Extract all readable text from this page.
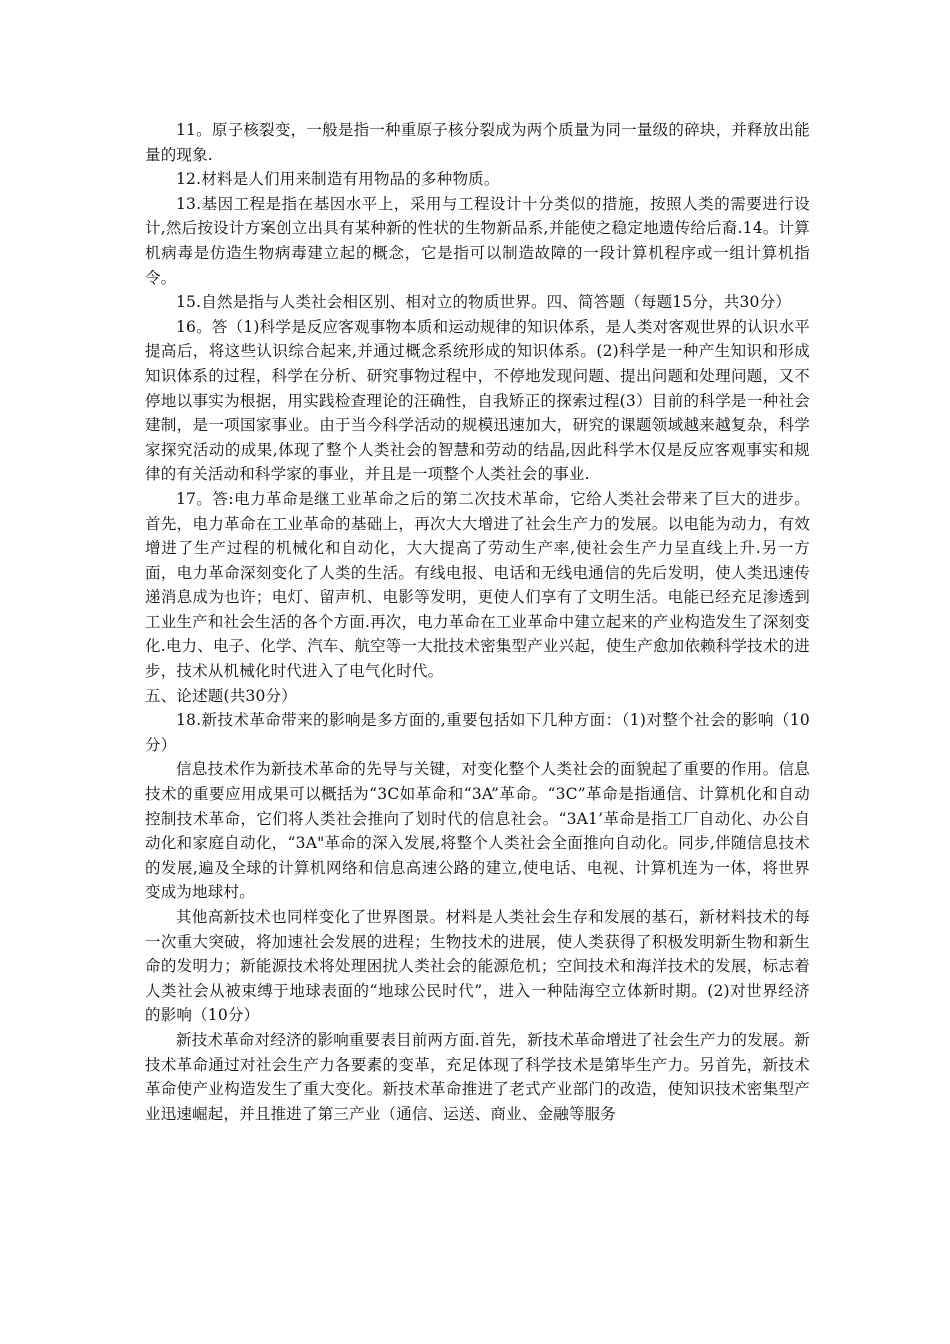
11。原子核裂变，一般是指一种重原子核分裂成为两个质量为同一量级的碎块，并释放出能量的现象.

12.材料是人们用来制造有用物品的多种物质。

13.基因工程是指在基因水平上，采用与工程设计十分类似的措施，按照人类的需要进行设计,然后按设计方案创立出具有某种新的性状的生物新品系,并能使之稳定地遗传给后裔.14。计算机病毒是仿造生物病毒建立起的概念，它是指可以制造故障的一段计算机程序或一组计算机指令。

15.自然是指与人类社会相区别、相对立的物质世界。四、简答题（每题15分，共30分）

16。答（1)科学是反应客观事物本质和运动规律的知识体系，是人类对客观世界的认识水平提高后，将这些认识综合起来,并通过概念系统形成的知识体系。(2)科学是一种产生知识和形成知识体系的过程，科学在分析、研究事物过程中，不停地发现问题、提出问题和处理问题，又不停地以事实为根据，用实践检查理论的汪确性，自我矫正的探索过程(3）目前的科学是一种社会建制，是一项国家事业。由于当今科学活动的规模迅速加大，研究的课题领域越来越复杂，科学家探究活动的成果,体现了整个人类社会的智慧和劳动的结晶,因此科学木仅是反应客观事实和规律的有关活动和科学家的事业，并且是一项整个人类社会的事业.

17。答:电力革命是继工业革命之后的第二次技术革命，它给人类社会带来了巨大的进步。首先，电力革命在工业革命的基础上，再次大大增进了社会生产力的发展。以电能为动力，有效增进了生产过程的机械化和自动化，大大提高了劳动生产率,使社会生产力呈直线上升.另一方面，电力革命深刻变化了人类的生活。有线电报、电话和无线电通信的先后发明，使人类迅速传递消息成为也许；电灯、留声机、电影等发明，更使人们享有了文明生活。电能已经充足渗透到工业生产和社会生活的各个方面.再次，电力革命在工业革命中建立起来的产业构造发生了深刻变化.电力、电子、化学、汽车、航空等一大批技术密集型产业兴起，使生产愈加依赖科学技术的进步，技术从机械化时代进入了电气化时代。

五、论述题(共30分）

18.新技术革命带来的影响是多方面的,重要包括如下几种方面：（1)对整个社会的影响（10分）

信息技术作为新技术革命的先导与关键，对变化整个人类社会的面貌起了重要的作用。信息技术的重要应用成果可以概括为“3C如革命和“3A”革命。“3C”革命是指通信、计算机化和自动控制技术革命，它们将人类社会推向了划时代的信息社会。“3A1’革命是指工厂自动化、办公自动化和家庭自动化，“3A"革命的深入发展,将整个人类社会全面推向自动化。同步,伴随信息技术的发展,遍及全球的计算机网络和信息高速公路的建立,使电话、电视、计算机连为一体，将世界变成为地球村。

其他高新技术也同样变化了世界图景。材料是人类社会生存和发展的基石，新材料技术的每一次重大突破，将加速社会发展的进程；生物技术的进展，使人类获得了积极发明新生物和新生命的发明力；新能源技术将处理困扰人类社会的能源危机；空间技术和海洋技术的发展，标志着人类社会从被束缚于地球表面的“地球公民时代”，进入一种陆海空立体新时期。(2)对世界经济的影响（10分）

新技术革命对经济的影响重要表目前两方面.首先，新技术革命增进了社会生产力的发展。新技术革命通过对社会生产力各要素的变革，充足体现了科学技术是第毕生产力。另首先，新技术革命使产业构造发生了重大变化。新技术革命推进了老式产业部门的改造，使知识技术密集型产业迅速崛起，并且推进了第三产业（通信、运送、商业、金融等服务
